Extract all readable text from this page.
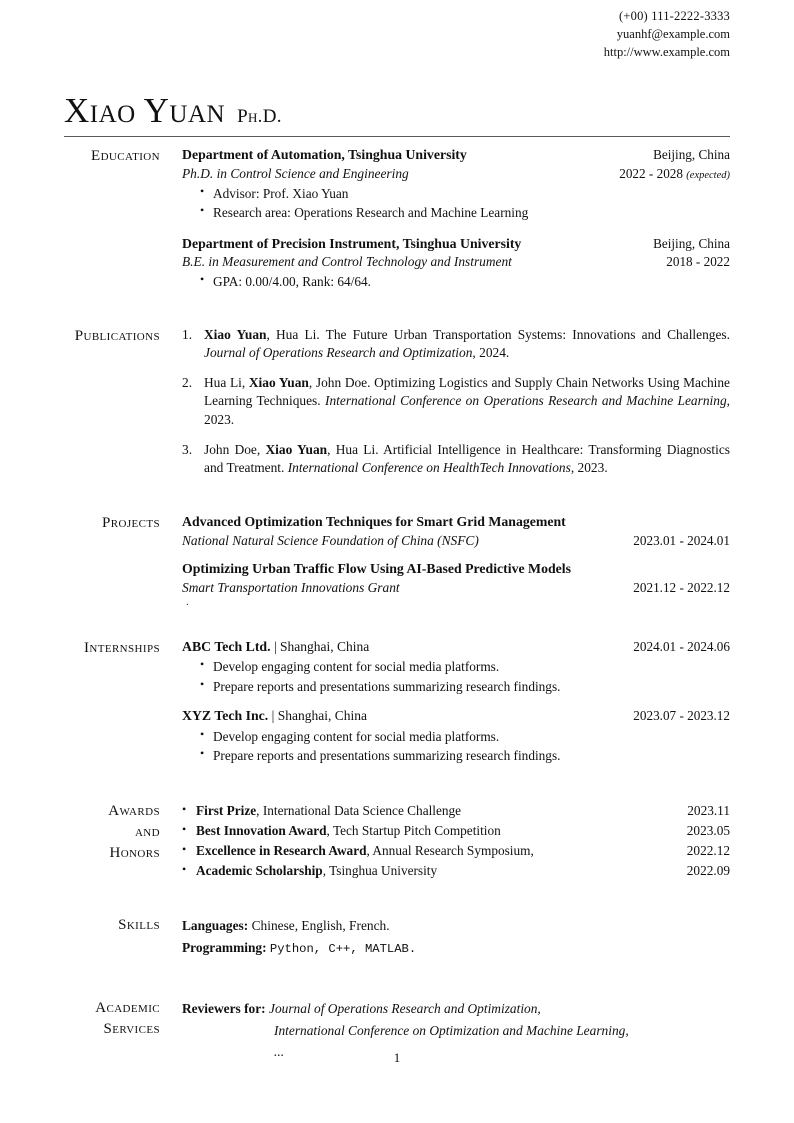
Xiao Yuan Ph.D.
(+00) 111-2222-3333
yuanhf@example.com
http://www.example.com
Education	Department of Automation, Tsinghua University	Beijing, China
Ph.D. in Control Science and Engineering	2022 - 2028 (expected)
• Advisor: Prof. Xiao Yuan
• Research area: Operations Research and Machine Learning
Department of Precision Instrument, Tsinghua University	Beijing, China
B.E. in Measurement and Control Technology and Instrument	2018 - 2022
• GPA: 0.00/4.00, Rank: 64/64.
Publications	Xiao Yuan, Hua Li. The Future Urban Transportation Systems: Innovations and Challenges. Journal of Operations Research and Optimization, 2024.
Hua Li, Xiao Yuan, John Doe. Optimizing Logistics and Supply Chain Networks Using Machine Learning Techniques. International Conference on Operations Research and Machine Learning, 2023.
John Doe, Xiao Yuan, Hua Li. Artificial Intelligence in Healthcare: Transforming Diagnostics and Treatment. International Conference on HealthTech Innovations, 2023.
Projects	Advanced Optimization Techniques for Smart Grid Management
National Natural Science Foundation of China (NSFC)	2023.01 - 2024.01
Optimizing Urban Traffic Flow Using AI-Based Predictive Models
Smart Transportation Innovations Grant	2021.12 - 2022.12
.
Internships	ABC Tech Ltd. | Shanghai, China	2024.01 - 2024.06
• Develop engaging content for social media platforms.
• Prepare reports and presentations summarizing research findings.
XYZ Tech Inc. | Shanghai, China	2023.07 - 2023.12
• Develop engaging content for social media platforms.
• Prepare reports and presentations summarizing research findings.
Awards
and
Honors
• First Prize, International Data Science Challenge	2023.11
• Best Innovation Award, Tech Startup Pitch Competition	2023.05
• Excellence in Research Award, Annual Research Symposium,	2022.12
• Academic Scholarship, Tsinghua University	2022.09
Skills	Languages: Chinese, English, French.
Programming: Python, C++, MATLAB.
Academic
Services
Reviewers for: Journal of Operations Research and Optimization,
International Conference on Optimization and Machine Learning,
...	1
